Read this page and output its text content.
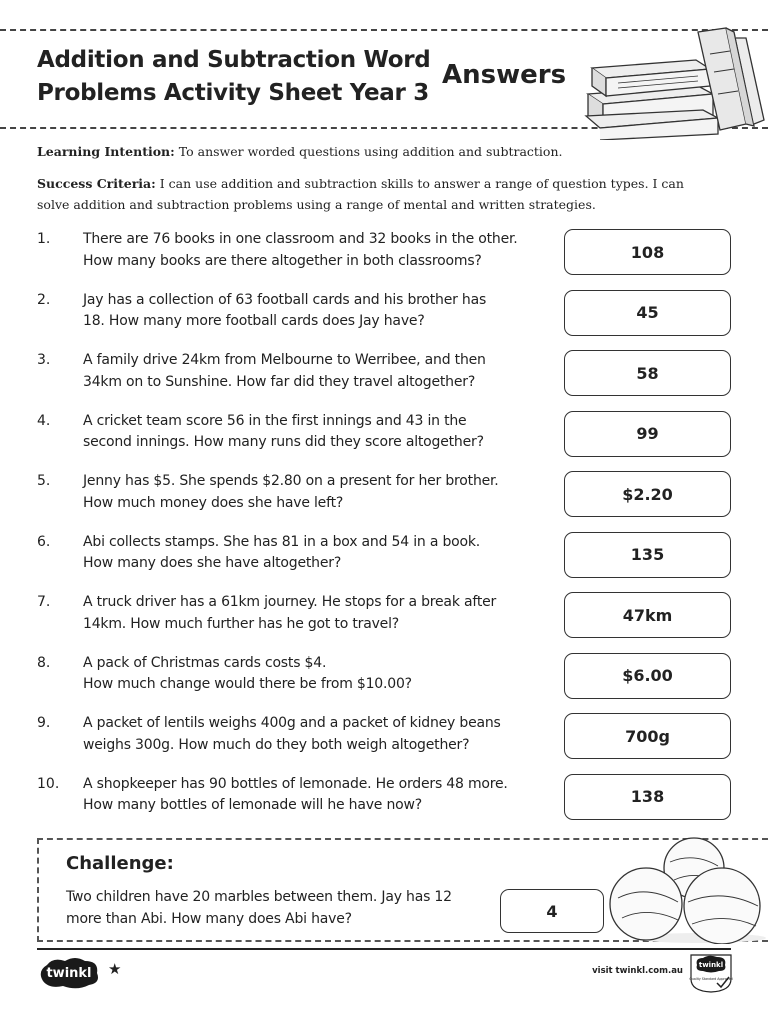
Addition and Subtraction Word
Problems Activity Sheet Year 3
Answers
Learning Intention: To answer worded questions using addition and subtraction.
Success Criteria: I can use addition and subtraction skills to answer a range of question types. I can solve addition and subtraction problems using a range of mental and written strategies.
1. There are 76 books in one classroom and 32 books in the other.
How many books are there altogether in both classrooms?	108
2. Jay has a collection of 63 football cards and his brother has
18. How many more football cards does Jay have?	45
3. A family drive 24km from Melbourne to Werribee, and then
34km on to Sunshine. How far did they travel altogether?	58
4. A cricket team score 56 in the first innings and 43 in the
second innings. How many runs did they score altogether?	99
5. Jenny has $5. She spends $2.80 on a present for her brother.
How much money does she have left?	$2.20
6. Abi collects stamps. She has 81 in a box and 54 in a book.
How many does she have altogether?	135
7. A truck driver has a 61km journey. He stops for a break after
14km. How much further has he got to travel?	47km
8. A pack of Christmas cards costs $4.
How much change would there be from $10.00?	$6.00
9. A packet of lentils weighs 400g and a packet of kidney beans
weighs 300g. How much do they both weigh altogether?	700g
10. A shopkeeper has 90 bottles of lemonade. He orders 48 more.
How many bottles of lemonade will he have now?	138
Challenge:
Two children have 20 marbles between them. Jay has 12
more than Abi. How many does Abi have?	4
twinkl ★	visit twinkl.com.au
twinkl
Quality Standard Approved
